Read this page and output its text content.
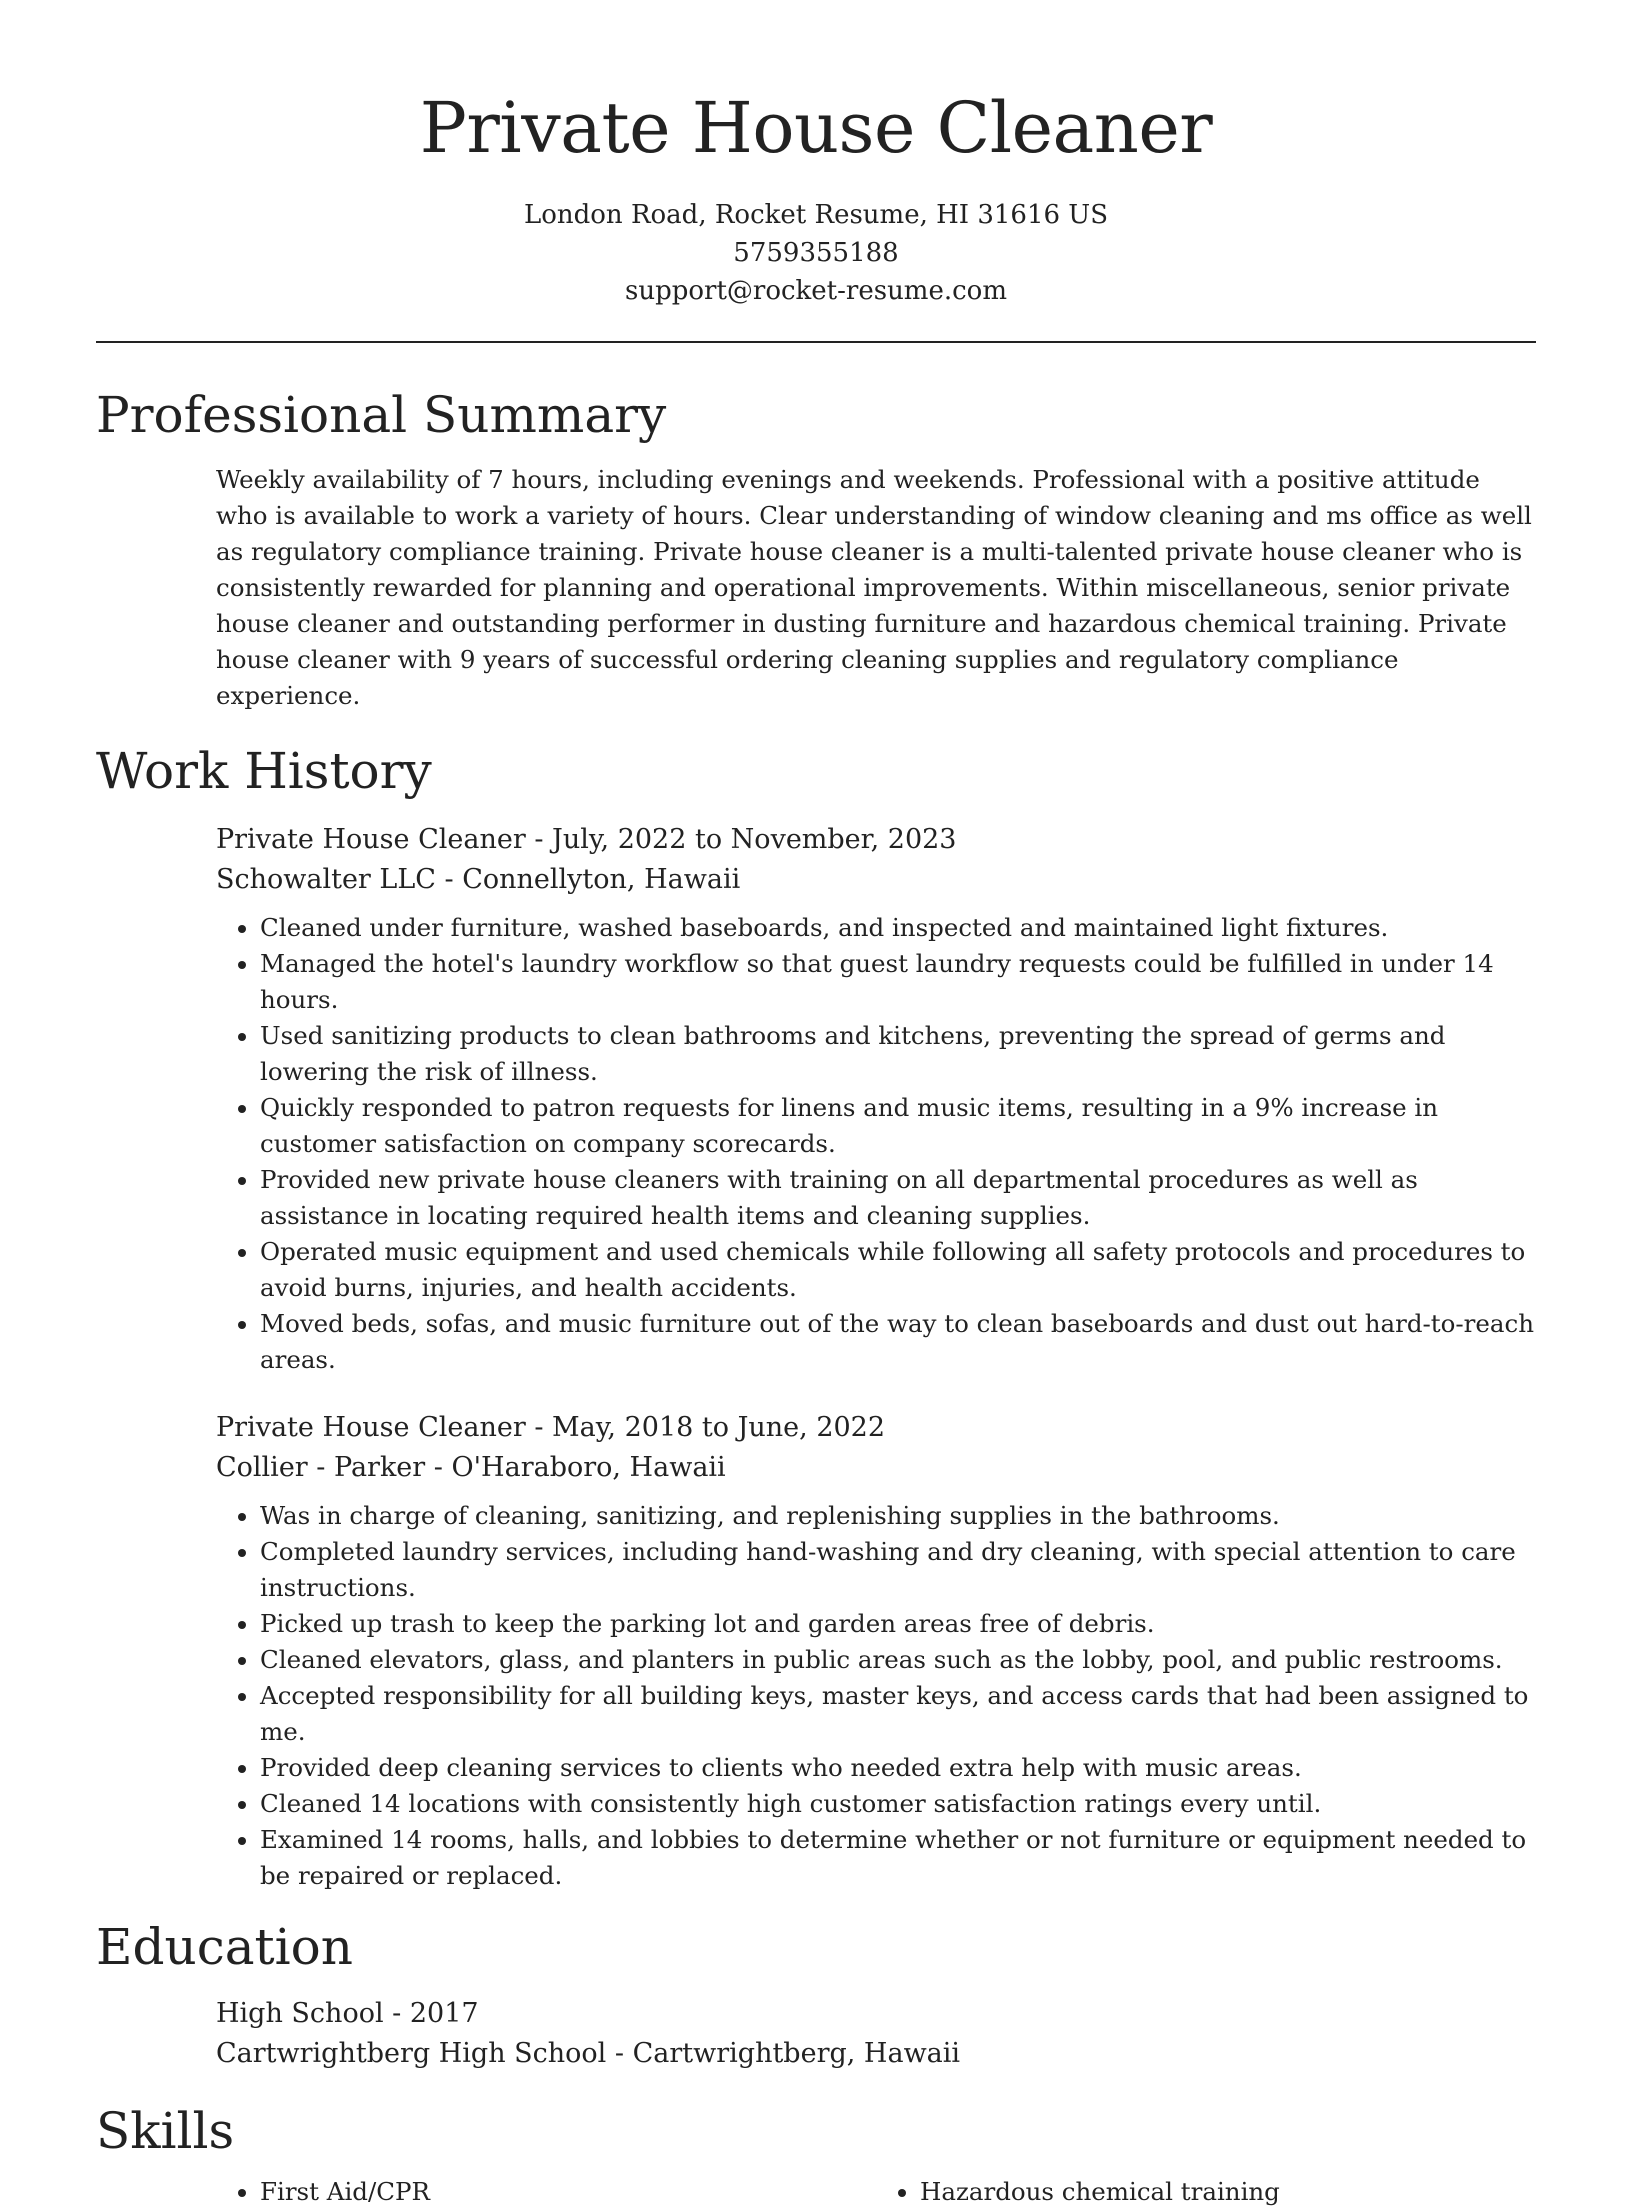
Private House Cleaner
London Road, Rocket Resume, HI 31616 US
5759355188
support@rocket-resume.com
Professional Summary
Weekly availability of 7 hours, including evenings and weekends. Professional with a positive attitude who is available to work a variety of hours. Clear understanding of window cleaning and ms office as well as regulatory compliance training. Private house cleaner is a multi-talented private house cleaner who is consistently rewarded for planning and operational improvements. Within miscellaneous, senior private house cleaner and outstanding performer in dusting furniture and hazardous chemical training. Private house cleaner with 9 years of successful ordering cleaning supplies and regulatory compliance experience.
Work History
Private House Cleaner - July, 2022 to November, 2023
Schowalter LLC - Connellyton, Hawaii
• Cleaned under furniture, washed baseboards, and inspected and maintained light fixtures.
• Managed the hotel's laundry workflow so that guest laundry requests could be fulfilled in under 14 hours.
• Used sanitizing products to clean bathrooms and kitchens, preventing the spread of germs and lowering the risk of illness.
• Quickly responded to patron requests for linens and music items, resulting in a 9% increase in customer satisfaction on company scorecards.
• Provided new private house cleaners with training on all departmental procedures as well as assistance in locating required health items and cleaning supplies.
• Operated music equipment and used chemicals while following all safety protocols and procedures to avoid burns, injuries, and health accidents.
• Moved beds, sofas, and music furniture out of the way to clean baseboards and dust out hard-to-reach areas.
Private House Cleaner - May, 2018 to June, 2022
Collier - Parker - O'Haraboro, Hawaii
• Was in charge of cleaning, sanitizing, and replenishing supplies in the bathrooms.
• Completed laundry services, including hand-washing and dry cleaning, with special attention to care instructions.
• Picked up trash to keep the parking lot and garden areas free of debris.
• Cleaned elevators, glass, and planters in public areas such as the lobby, pool, and public restrooms.
• Accepted responsibility for all building keys, master keys, and access cards that had been assigned to me.
• Provided deep cleaning services to clients who needed extra help with music areas.
• Cleaned 14 locations with consistently high customer satisfaction ratings every until.
• Examined 14 rooms, halls, and lobbies to determine whether or not furniture or equipment needed to be repaired or replaced.
Education
High School - 2017
Cartwrightberg High School - Cartwrightberg, Hawaii
Skills
• First Aid/CPR
•	Hazardous chemical training
